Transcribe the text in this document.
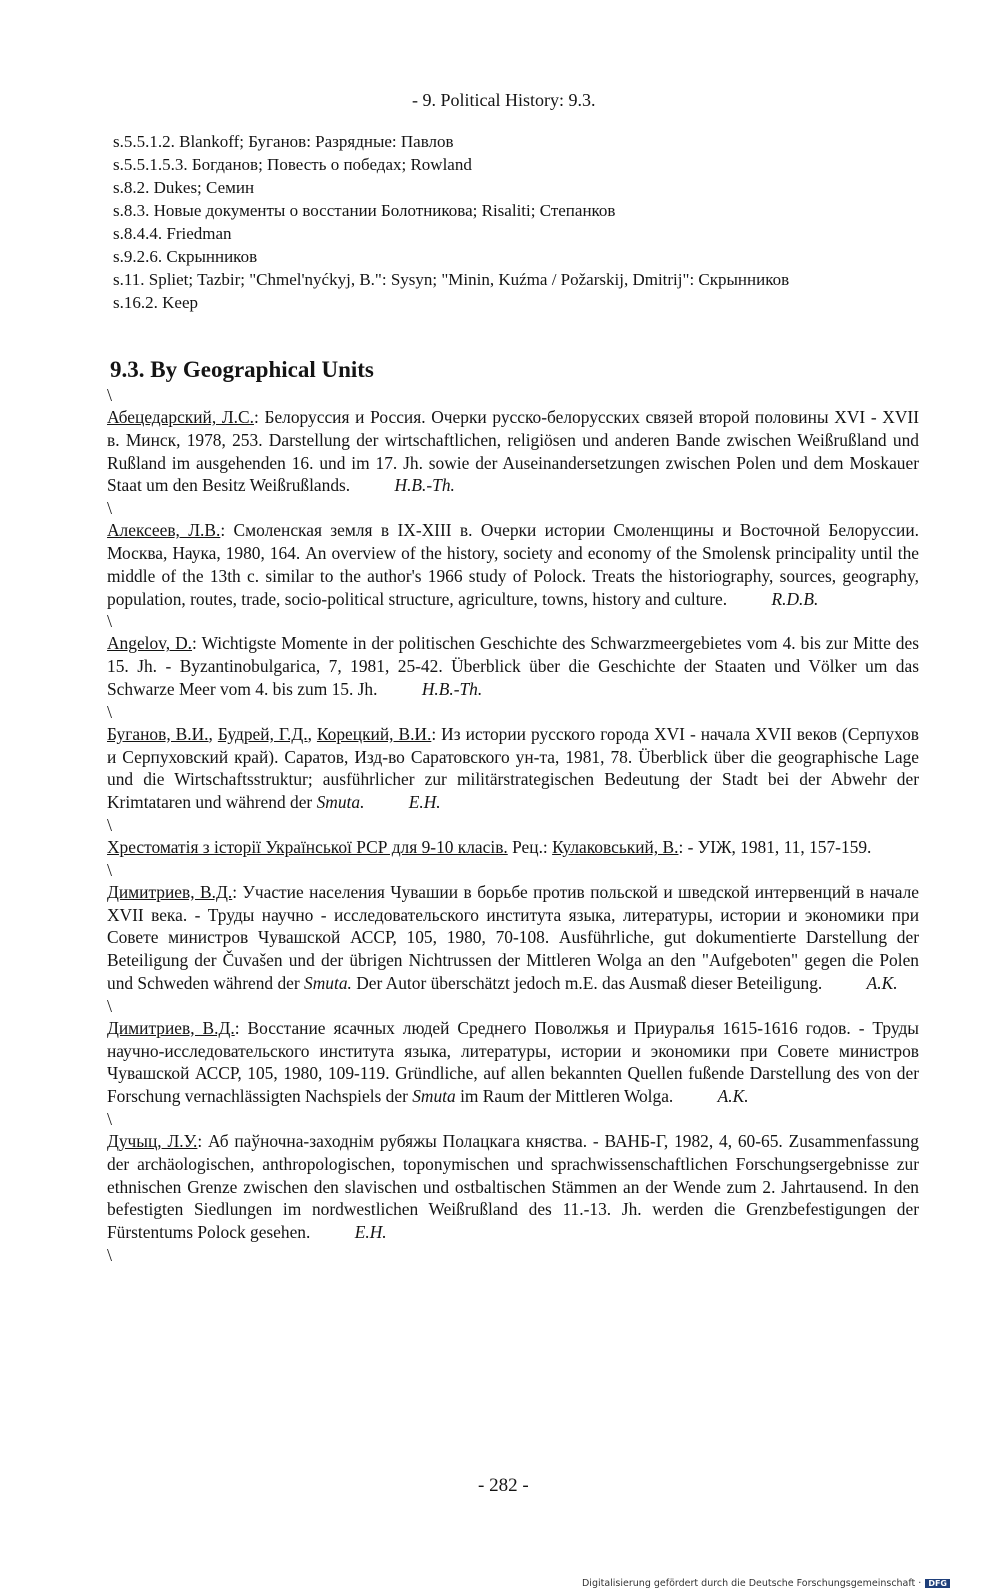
- 9. Political History: 9.3.
s.5.5.1.2. Blankoff; Буганов: Разрядные: Павлов
s.5.5.1.5.3. Богданов; Повесть о победах; Rowland
s.8.2. Dukes; Семин
s.8.3. Новые документы о восстании Болотникова; Risaliti; Степанков
s.8.4.4. Friedman
s.9.2.6. Скрынников
s.11. Spliet; Tazbir; "Chmel'nyćkyj, B.": Sysyn; "Minin, Kuźma / Požarskij, Dmitrij": Скрынников
s.16.2. Keep
9.3. By Geographical Units
\

Абецедарский, Л.С.: Белоруссия и Россия. Очерки русско-белорусских связей второй половины XVI - XVII в. Минск, 1978, 253. Darstellung der wirtschaftlichen, religiösen und anderen Bande zwischen Weißrußland und Rußland im ausgehenden 16. und im 17. Jh. sowie der Auseinandersetzungen zwischen Polen und dem Moskauer Staat um den Besitz Weißrußlands.	H.B.-Th.

\

Алексеев, Л.В.: Смоленская земля в IX-XIII в. Очерки истории Смоленщины и Восточной Белоруссии. Москва, Наука, 1980, 164. An overview of the history, society and economy of the Smolensk principality until the middle of the 13th c. similar to the author's 1966 study of Polock. Treats the historiography, sources, geography, population, routes, trade, socio-political structure, agriculture, towns, history and culture.	R.D.B.

\

Angelov, D.: Wichtigste Momente in der politischen Geschichte des Schwarzmeergebietes vom 4. bis zur Mitte des 15. Jh. - Byzantinobulgarica, 7, 1981, 25-42. Überblick über die Geschichte der Staaten und Völker um das Schwarze Meer vom 4. bis zum 15. Jh.	H.B.-Th.

\

Буганов, В.И., Будрей, Г.Д., Корецкий, В.И.: Из истории русского города XVI - начала XVII веков (Серпухов и Серпуховский край). Саратов, Изд-во Саратовского ун-та, 1981, 78. Überblick über die geographische Lage und die Wirtschaftsstruktur; ausführlicher zur militärstrategischen Bedeutung der Stadt bei der Abwehr der Krimtataren und während der Smuta.	E.H.

\

Хрестоматія з історії Української РСР для 9-10 класів. Рец.: Кулаковський, В.: - УІЖ, 1981, 11, 157-159.

\

Димитриев, В.Д.: Участие населения Чувашии в борьбе против польской и шведской интервенций в начале XVII века. - Труды научно - исследовательского института языка, литературы, истории и экономики при Совете министров Чувашской АССР, 105, 1980, 70-108. Ausführliche, gut dokumentierte Darstellung der Beteiligung der Čuvašen und der übrigen Nichtrussen der Mittleren Wolga an den "Aufgeboten" gegen die Polen und Schweden während der Smuta. Der Autor überschätzt jedoch m.E. das Ausmaß dieser Beteiligung.	A.K.

\

Димитриев, В.Д.: Восстание ясачных людей Среднего Поволжья и Приуралья 1615-1616 годов. - Труды научно-исследовательского института языка, литературы, истории и экономики при Совете министров Чувашской АССР, 105, 1980, 109-119. Gründliche, auf allen bekannten Quellen fußende Darstellung des von der Forschung vernachlässigten Nachspiels der Smuta im Raum der Mittleren Wolga.	A.K.

\

Дучыц, Л.У.: Аб паўночна-заходнім рубяжы Полацкага княства. - ВАНБ-Г, 1982, 4, 60-65. Zusammenfassung der archäologischen, anthropologischen, toponymischen und sprachwissenschaftlichen Forschungsergebnisse zur ethnischen Grenze zwischen den slavischen und ostbaltischen Stämmen an der Wende zum 2. Jahrtausend. In den befestigten Siedlungen im nordwestlichen Weißrußland des 11.-13. Jh. werden die Grenzbefestigungen der Fürstentums Polock gesehen.	E.H.

\
- 282 -
Digitalisierung gefördert durch die Deutsche Forschungsgemeinschaft · DFG
